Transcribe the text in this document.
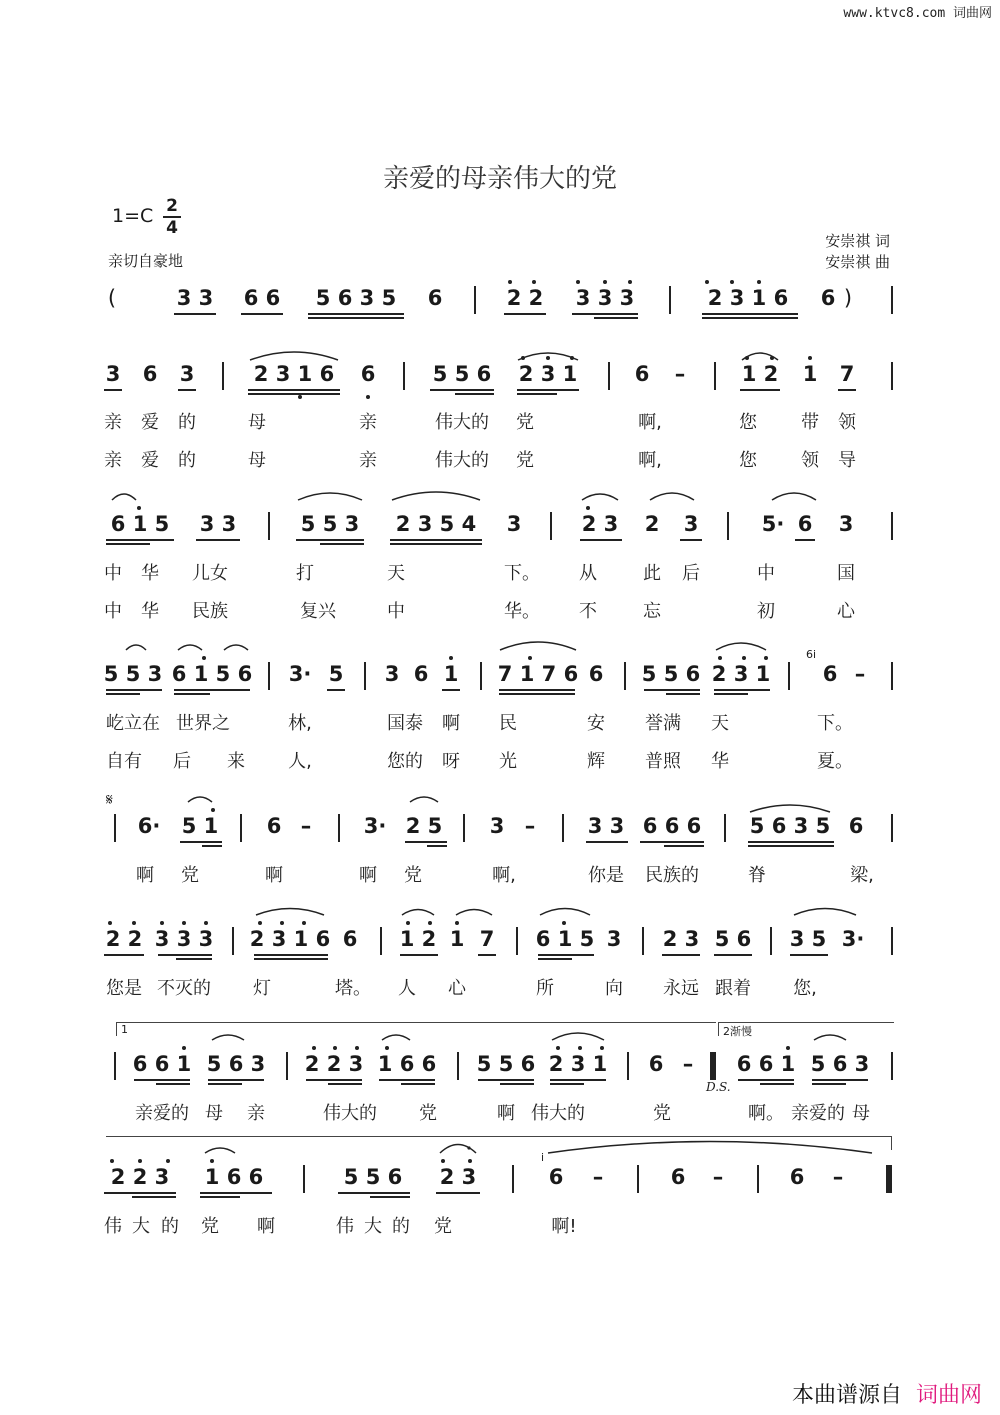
www.ktvc8.com 词曲网
亲爱的母亲伟大的党
1=C 2
4
亲切自豪地
安崇祺 词
安崇祺 曲
(	3 3 6 6 5 6 3 5 6	2 2 3 3 3	2 3 1 6 6 )
3 6 3	2 3 1 6 6	5 5 6 2 3 1	6 –	1 2 1 7
亲 爱 的	母	亲	伟大的 党	啊,	您 带 领
亲 爱 的	母	亲	伟大的 党	啊,	您 领 导
6 1 5 3 3	5 5 3 2 3 5 4 3	2 3 2 3	5· 6 3
中 华 儿女	打	天	下。 从	此 后	中	国
中 华 民族	复兴	中	华。 不	忘	初	心
5 5 3 6 1 5 6 3· 5 3 6 1 7 1 7 6 6 5 5 6 2 3 1 6 –
6i
屹立在 世界之	林,	国泰 啊 民	安 誉满 天	下。
自有 后 来 人,	您的 呀 光	辉 普照 华	夏。
𝄋
6· 5 1 6 – 3· 2 5 3 – 3 3 6 6 6 5 6 3 5 6
啊 党	啊	啊 党	啊,	你是 民族的	脊	梁,
2 2 3 3 3 2 3 1 6 6 1 2 1 7 6 1 5 3 2 3 5 6 3 5 3·
您是 不灭的 灯	塔。 人 心	所	向 永远 跟着 您,
1	2渐慢
6 6 1 5 6 3 2 2 3 1 6 6 5 5 6 2 3 1 6 –
D.S.
6 6 1 5 6 3
亲爱的 母 亲	伟大的 党	啊 伟大的	党	啊。 亲爱的 母
2 2 3 1 6 6	5 5 6 2 3
i
6 –	6 –	6 –
伟 大 的 党 啊	伟 大 的 党	啊!
本曲谱源自 词曲网
